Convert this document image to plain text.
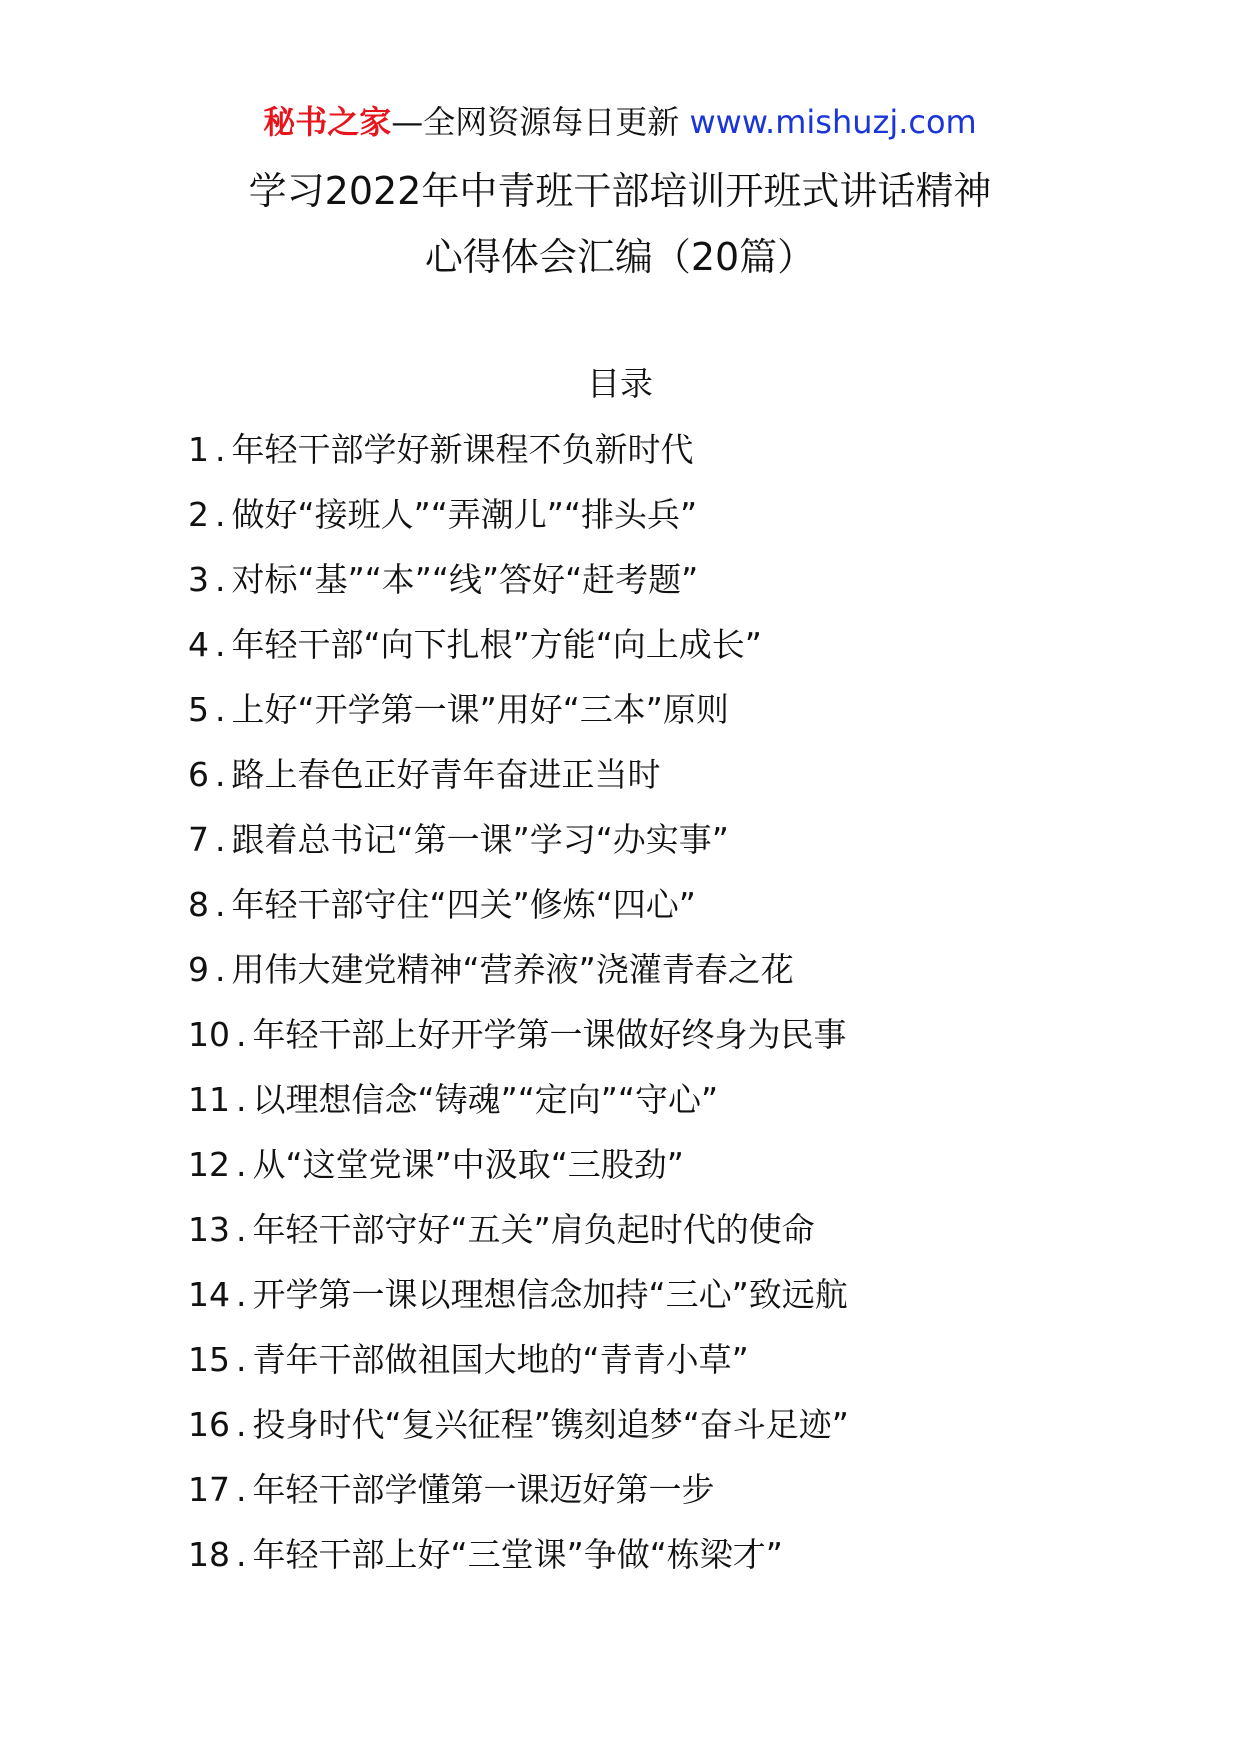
秘书之家—全网资源每日更新 www.mishuzj.com
学习2022年中青班干部培训开班式讲话精神
心得体会汇编（20篇）
目录
1 . 年轻干部学好新课程不负新时代
2 . 做好“接班人”“弄潮儿”“排头兵”
3 . 对标“基”“本”“线”答好“赶考题”
4 . 年轻干部“向下扎根”方能“向上成长”
5 . 上好“开学第一课”用好“三本”原则
6 . 路上春色正好青年奋进正当时
7 . 跟着总书记“第一课”学习“办实事”
8 . 年轻干部守住“四关”修炼“四心”
9 . 用伟大建党精神“营养液”浇灌青春之花
10 . 年轻干部上好开学第一课做好终身为民事
11 . 以理想信念“铸魂”“定向”“守心”
12 . 从“这堂党课”中汲取“三股劲”
13 . 年轻干部守好“五关”肩负起时代的使命
14 . 开学第一课以理想信念加持“三心”致远航
15 . 青年干部做祖国大地的“青青小草”
16 . 投身时代“复兴征程”镌刻追梦“奋斗足迹”
17 . 年轻干部学懂第一课迈好第一步
18 . 年轻干部上好“三堂课”争做“栋梁才”
